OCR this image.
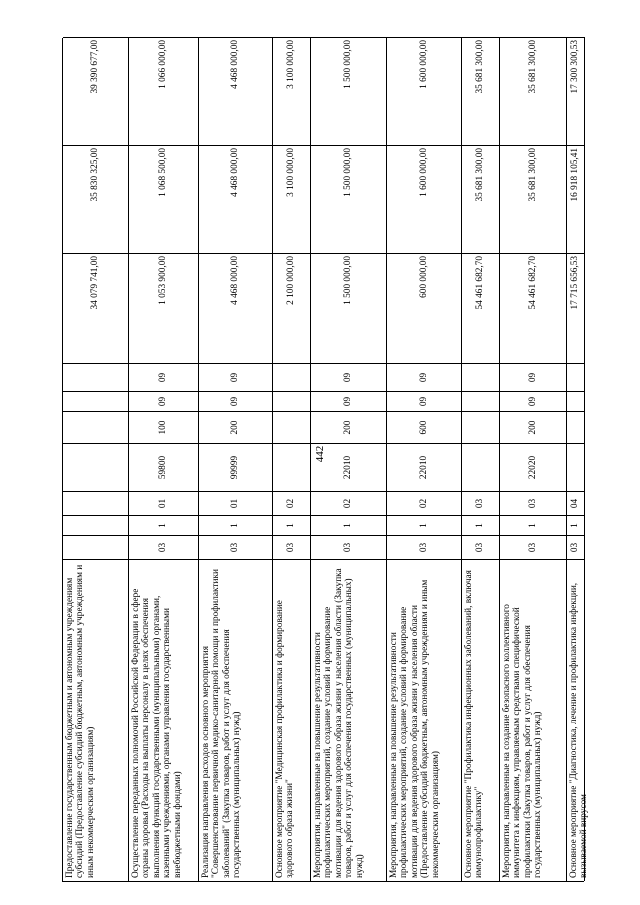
442
Предоставление государственным бюджетным и автономным учреждениям субсидий (Предоставление субсидий бюджетным, автономным учреждениям и иным некоммерческим организациям)
34 079 741,00
35 830 325,00
39 390 677,00
Осуществление переданных полномочий Российской Федерации в сфере охраны здоровья (Расходы на выплаты персоналу в целях обеспечения выполнения функций государственными (муниципальными) органами, казенными учреждениями, органами управления государственными внебюджетными фондами)
03
1
01
59800
100
09
09
1 053 900,00
1 068 500,00
1 066 000,00
Реализация направления расходов основного мероприятия "Совершенствование первичной медико-санитарной помощи и профилактики заболеваний" (Закупка товаров, работ и услуг для обеспечения государственных (муниципальных) нужд)
03
1
01
99999
200
09
09
4 468 000,00
4 468 000,00
4 468 000,00
Основное мероприятие "Медицинская профилактика и формирование здорового образа жизни"
03
1
02
2 100 000,00
3 100 000,00
3 100 000,00
Мероприятия, направленные на повышение результативности профилактических мероприятий, создание условий и формирование мотивации для ведения здорового образа жизни у населения области (Закупка товаров, работ и услуг для обеспечения государственных (муниципальных) нужд)
03
1
02
22010
200
09
09
1 500 000,00
1 500 000,00
1 500 000,00
Мероприятия, направленные на повышение результативности профилактических мероприятий, создание условий и формирование мотивации для ведения здорового образа жизни у населения области (Предоставление субсидий бюджетным, автономным учреждениям и иным некоммерческим организациям)
03
1
02
22010
600
09
09
600 000,00
1 600 000,00
1 600 000,00
Основное мероприятие "Профилактика инфекционных заболеваний, включая иммунопрофилактику"
03
1
03
54 461 682,70
35 681 300,00
35 681 300,00
Мероприятия, направленные на создание безопасного коллективного иммунитета к инфекциям, управляемым средствами специфической профилактики (Закупка товаров, работ и услуг для обеспечения государственных (муниципальных) нужд)
03
1
03
22020
200
09
09
54 461 682,70
35 681 300,00
35 681 300,00
Основное мероприятие "Диагностика, лечение и профилактика инфекции, вызываемой вирусом
03
1
04
17 715 656,53
16 918 105,41
17 300 300,53
